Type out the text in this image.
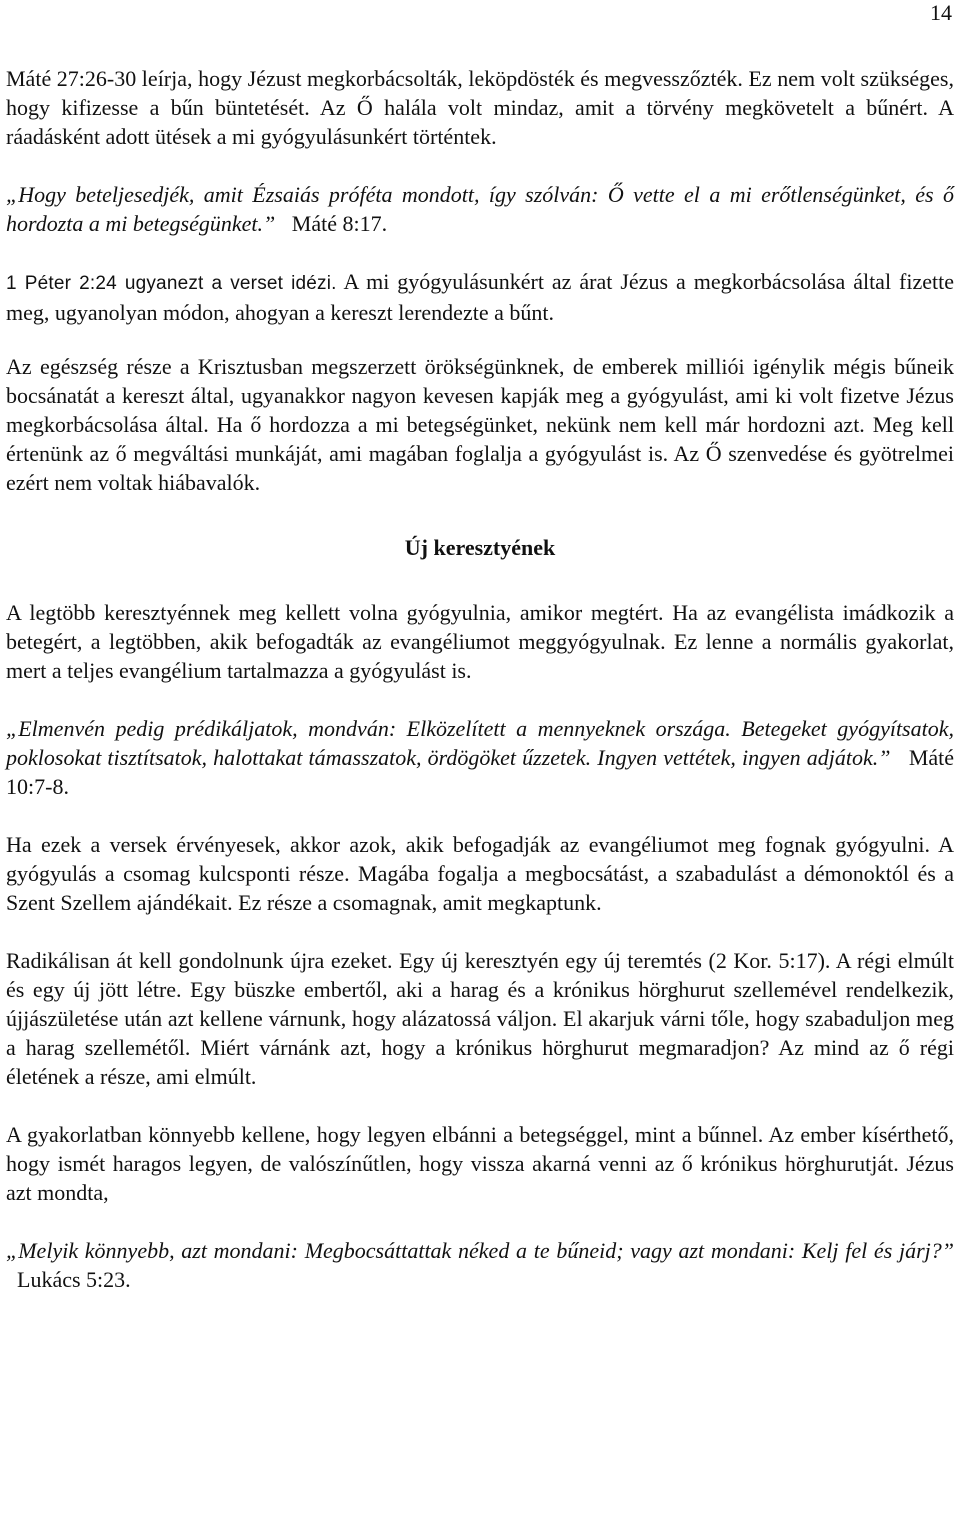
14

Máté 27:26-30 leírja, hogy Jézust megkorbácsolták, leköpdösték és megvesszőzték. Ez nem volt szükséges, hogy kifizesse a bűn büntetését. Az Ő halála volt mindaz, amit a törvény megkövetelt a bűnért. A ráadásként adott ütések a mi gyógyulásunkért történtek.

„Hogy beteljesedjék, amit Ézsaiás próféta mondott, így szólván: Ő vette el a mi erőtlenségünket, és ő hordozta a mi betegségünket.” Máté 8:17.

1 Péter 2:24 ugyanezt a verset idézi. A mi gyógyulásunkért az árat Jézus a megkorbácsolása által fizette meg, ugyanolyan módon, ahogyan a kereszt lerendezte a bűnt.

Az egészség része a Krisztusban megszerzett örökségünknek, de emberek milliói igénylik mégis bűneik bocsánatát a kereszt által, ugyanakkor nagyon kevesen kapják meg a gyógyulást, ami ki volt fizetve Jézus megkorbácsolása által. Ha ő hordozza a mi betegségünket, nekünk nem kell már hordozni azt. Meg kell értenünk az ő megváltási munkáját, ami magában foglalja a gyógyulást is. Az Ő szenvedése és gyötrelmei ezért nem voltak hiábavalók.

Új keresztyének

A legtöbb keresztyénnek meg kellett volna gyógyulnia, amikor megtért. Ha az evangélista imádkozik a betegért, a legtöbben, akik befogadták az evangéliumot meggyógyulnak. Ez lenne a normális gyakorlat, mert a teljes evangélium tartalmazza a gyógyulást is.

„Elmenvén pedig prédikáljatok, mondván: Elközelített a mennyeknek országa. Betegeket gyógyítsatok, poklosokat tisztítsatok, halottakat támasszatok, ördögöket űzzetek. Ingyen vettétek, ingyen adjátok.” Máté 10:7-8.

Ha ezek a versek érvényesek, akkor azok, akik befogadják az evangéliumot meg fognak gyógyulni. A gyógyulás a csomag kulcsponti része. Magába fogalja a megbocsátást, a szabadulást a démonoktól és a Szent Szellem ajándékait. Ez része a csomagnak, amit megkaptunk.

Radikálisan át kell gondolnunk újra ezeket. Egy új keresztyén egy új teremtés (2 Kor. 5:17). A régi elmúlt és egy új jött létre. Egy büszke embertől, aki a harag és a krónikus hörghurut szellemével rendelkezik, újjászületése után azt kellene várnunk, hogy alázatossá váljon. El akarjuk várni tőle, hogy szabaduljon meg a harag szellemétől. Miért várnánk azt, hogy a krónikus hörghurut megmaradjon? Az mind az ő régi életének a része, ami elmúlt.

A gyakorlatban könnyebb kellene, hogy legyen elbánni a betegséggel, mint a bűnnel. Az ember kísérthető, hogy ismét haragos legyen, de valószínűtlen, hogy vissza akarná venni az ő krónikus hörghurutját. Jézus azt mondta,

„Melyik könnyebb, azt mondani: Megbocsáttattak néked a te bűneid; vagy azt mondani: Kelj fel és járj?”   Lukács 5:23.
